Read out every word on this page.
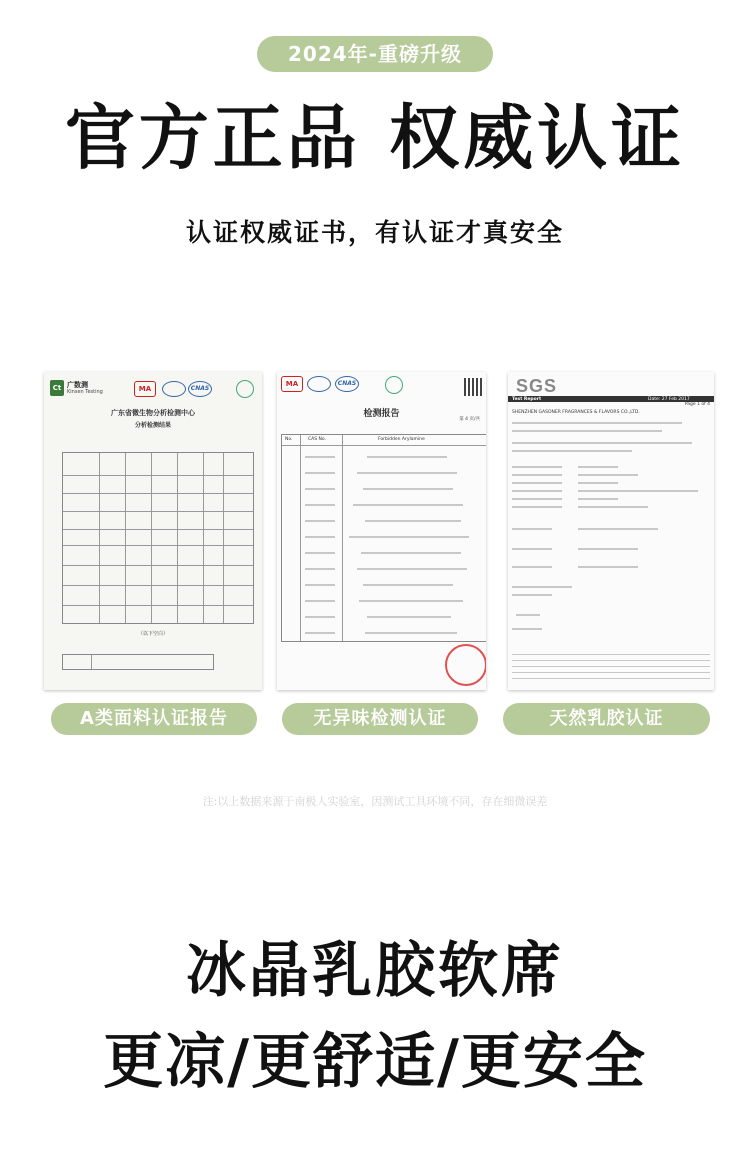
2024年-重磅升级
官方正品 权威认证
认证权威证书，有认证才真安全
Ct 广数测
Kinsen Testing	MA	CNAS
广东省微生物分析检测中心
分析检测结果
（以下空白）
MA	CNAS
检测报告
第 4 页/共
No.	CAS No.	Forbidden Arylamine
SGS
Test Report	Date: 27 Feb 2017
SHENZHEN GASONER FRAGRANCES & FLAVORS CO.,LTD.
Page 1 of 4
A类面料认证报告	无异味检测认证	天然乳胶认证
注:以上数据来源于南极人实验室，因测试工具环境不同，存在细微误差
冰晶乳胶软席
更凉/更舒适/更安全
